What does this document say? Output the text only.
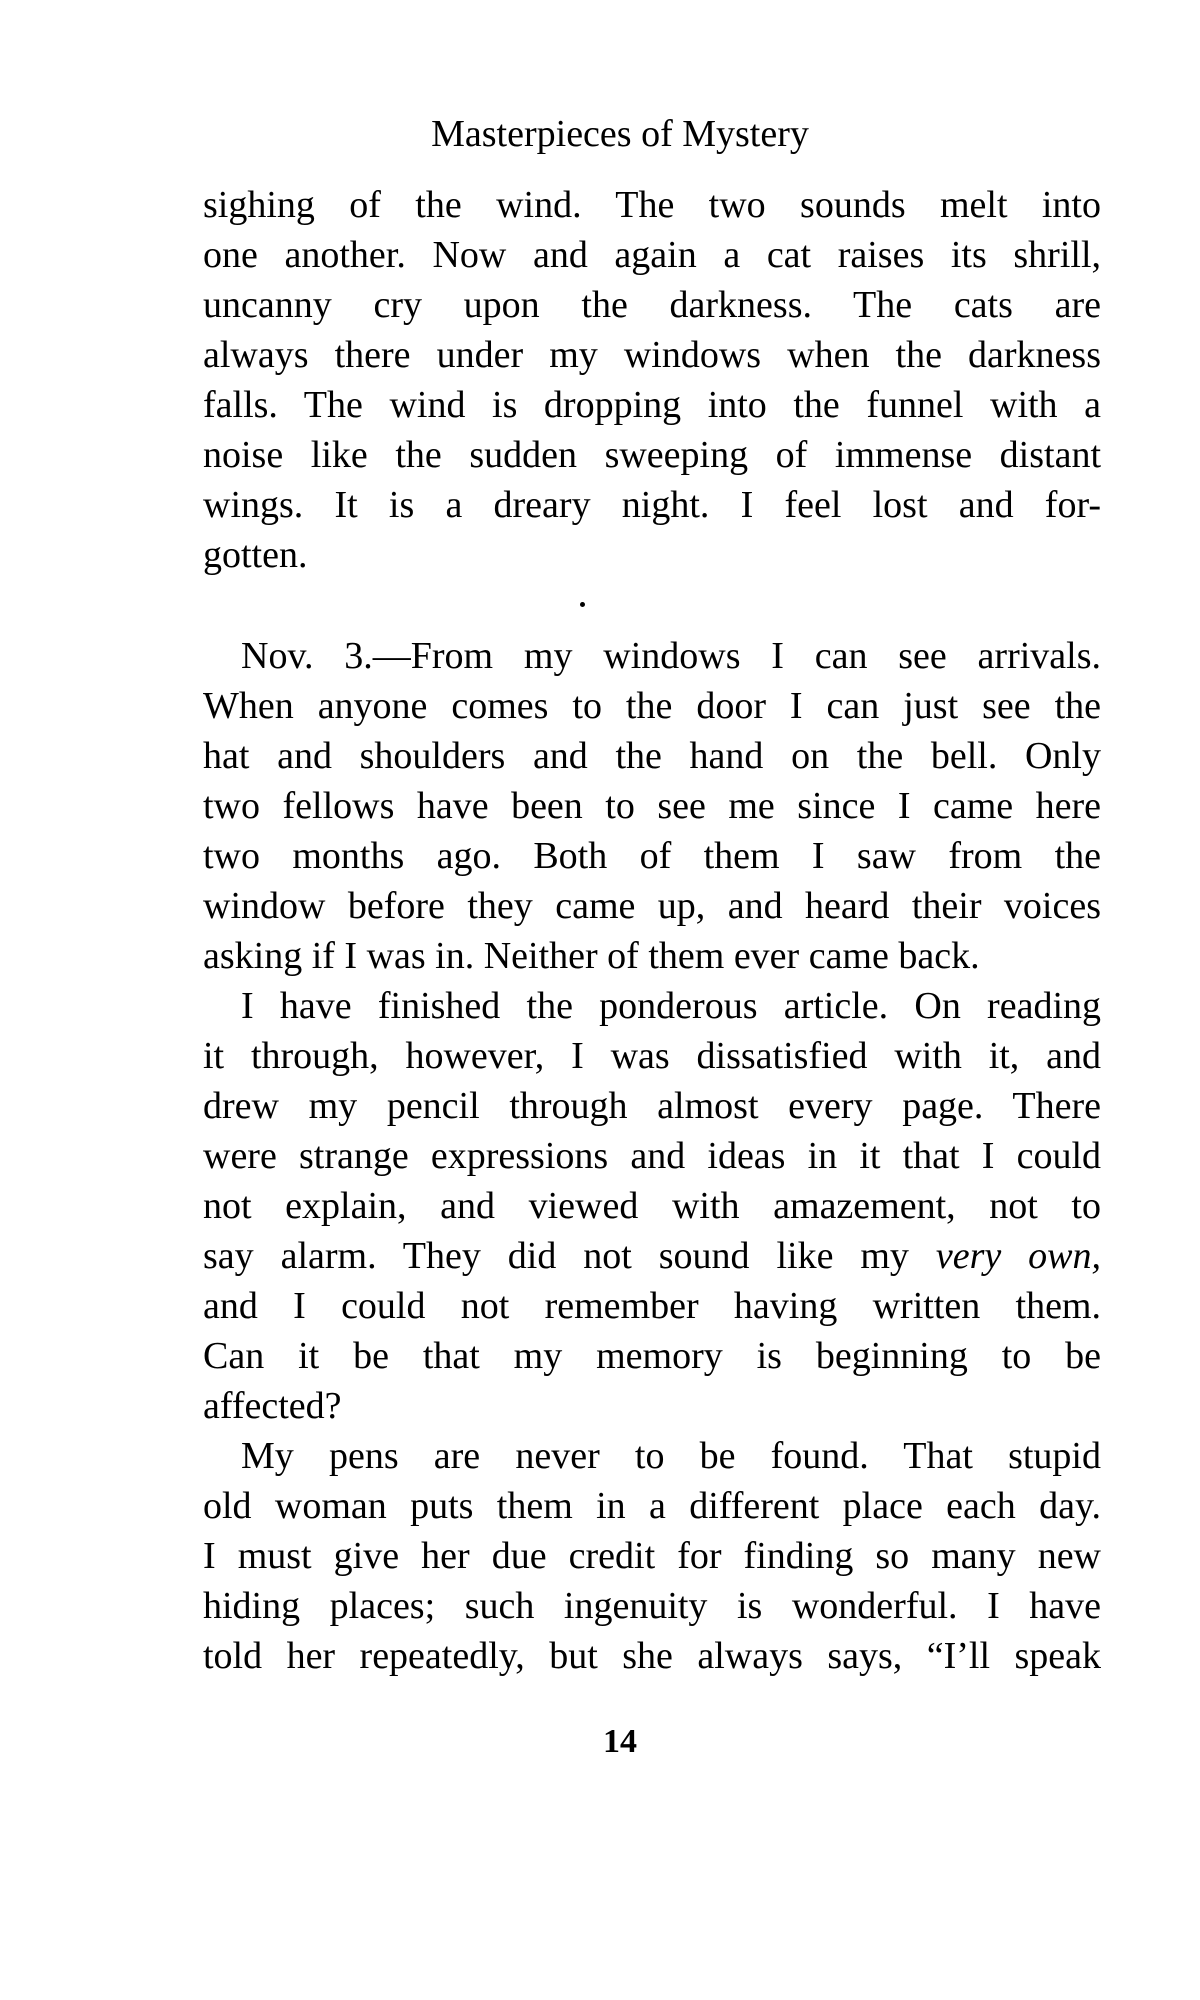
Masterpieces of Mystery
sighing of the wind. The two sounds melt into
one another. Now and again a cat raises its shrill,
uncanny cry upon the darkness. The cats are
always there under my windows when the darkness
falls. The wind is dropping into the funnel with a
noise like the sudden sweeping of immense distant
wings. It is a dreary night. I feel lost and for-
gotten.
Nov. 3.—From my windows I can see arrivals.
When anyone comes to the door I can just see the
hat and shoulders and the hand on the bell. Only
two fellows have been to see me since I came here
two months ago. Both of them I saw from the
window before they came up, and heard their voices
asking if I was in. Neither of them ever came back.
I have finished the ponderous article. On reading
it through, however, I was dissatisfied with it, and
drew my pencil through almost every page. There
were strange expressions and ideas in it that I could
not explain, and viewed with amazement, not to
say alarm. They did not sound like my very own,
and I could not remember having written them.
Can it be that my memory is beginning to be
affected?
My pens are never to be found. That stupid
old woman puts them in a different place each day.
I must give her due credit for finding so many new
hiding places; such ingenuity is wonderful. I have
told her repeatedly, but she always says, “I’ll speak
14
